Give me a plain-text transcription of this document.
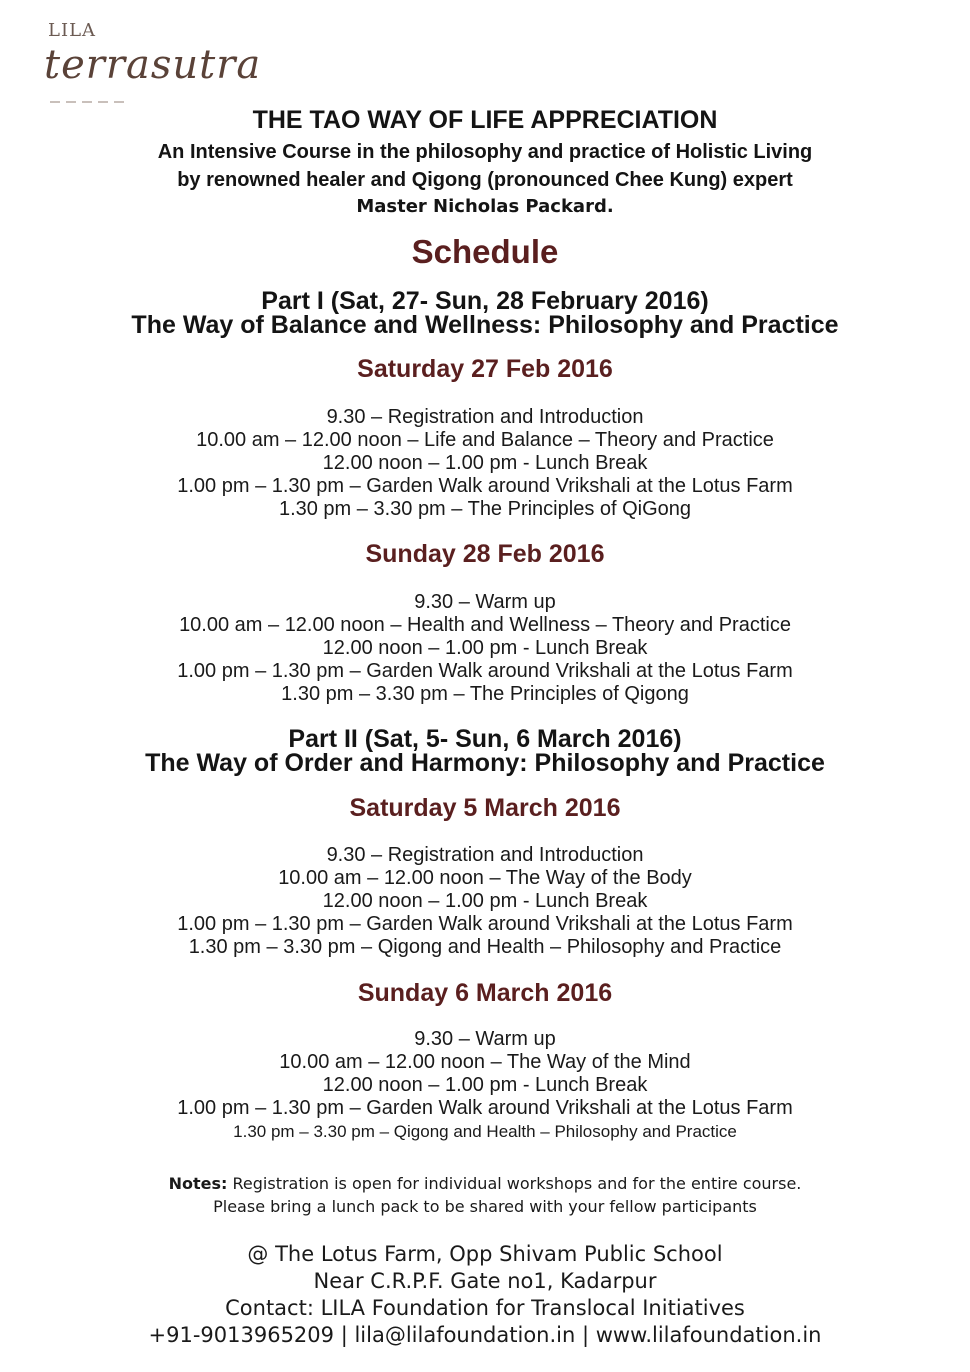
LILA
terrasutra
THE TAO WAY OF LIFE APPRECIATION
An Intensive Course in the philosophy and practice of Holistic Living
by renowned healer and Qigong (pronounced Chee Kung) expert
Master Nicholas Packard.
Schedule
Part I (Sat, 27- Sun, 28 February 2016)
The Way of Balance and Wellness: Philosophy and Practice
Saturday 27 Feb 2016
9.30 – Registration and Introduction
10.00 am – 12.00 noon – Life and Balance – Theory and Practice
12.00 noon – 1.00 pm - Lunch Break
1.00 pm – 1.30 pm – Garden Walk around Vrikshali at the Lotus Farm
1.30 pm – 3.30 pm – The Principles of QiGong
Sunday 28 Feb 2016
9.30 – Warm up
10.00 am – 12.00 noon – Health and Wellness – Theory and Practice
12.00 noon – 1.00 pm - Lunch Break
1.00 pm – 1.30 pm – Garden Walk around Vrikshali at the Lotus Farm
1.30 pm – 3.30 pm – The Principles of Qigong
Part II (Sat, 5- Sun, 6 March 2016)
The Way of Order and Harmony: Philosophy and Practice
Saturday 5 March 2016
9.30 – Registration and Introduction
10.00 am – 12.00 noon – The Way of the Body
12.00 noon – 1.00 pm - Lunch Break
1.00 pm – 1.30 pm – Garden Walk around Vrikshali at the Lotus Farm
1.30 pm – 3.30 pm – Qigong and Health – Philosophy and Practice
Sunday 6 March 2016
9.30 – Warm up
10.00 am – 12.00 noon – The Way of the Mind
12.00 noon – 1.00 pm - Lunch Break
1.00 pm – 1.30 pm – Garden Walk around Vrikshali at the Lotus Farm
1.30 pm – 3.30 pm – Qigong and Health – Philosophy and Practice
Notes: Registration is open for individual workshops and for the entire course.
Please bring a lunch pack to be shared with your fellow participants
@ The Lotus Farm, Opp Shivam Public School
Near C.R.P.F. Gate no1, Kadarpur
Contact: LILA Foundation for Translocal Initiatives
+91-9013965209 | lila@lilafoundation.in | www.lilafoundation.in
